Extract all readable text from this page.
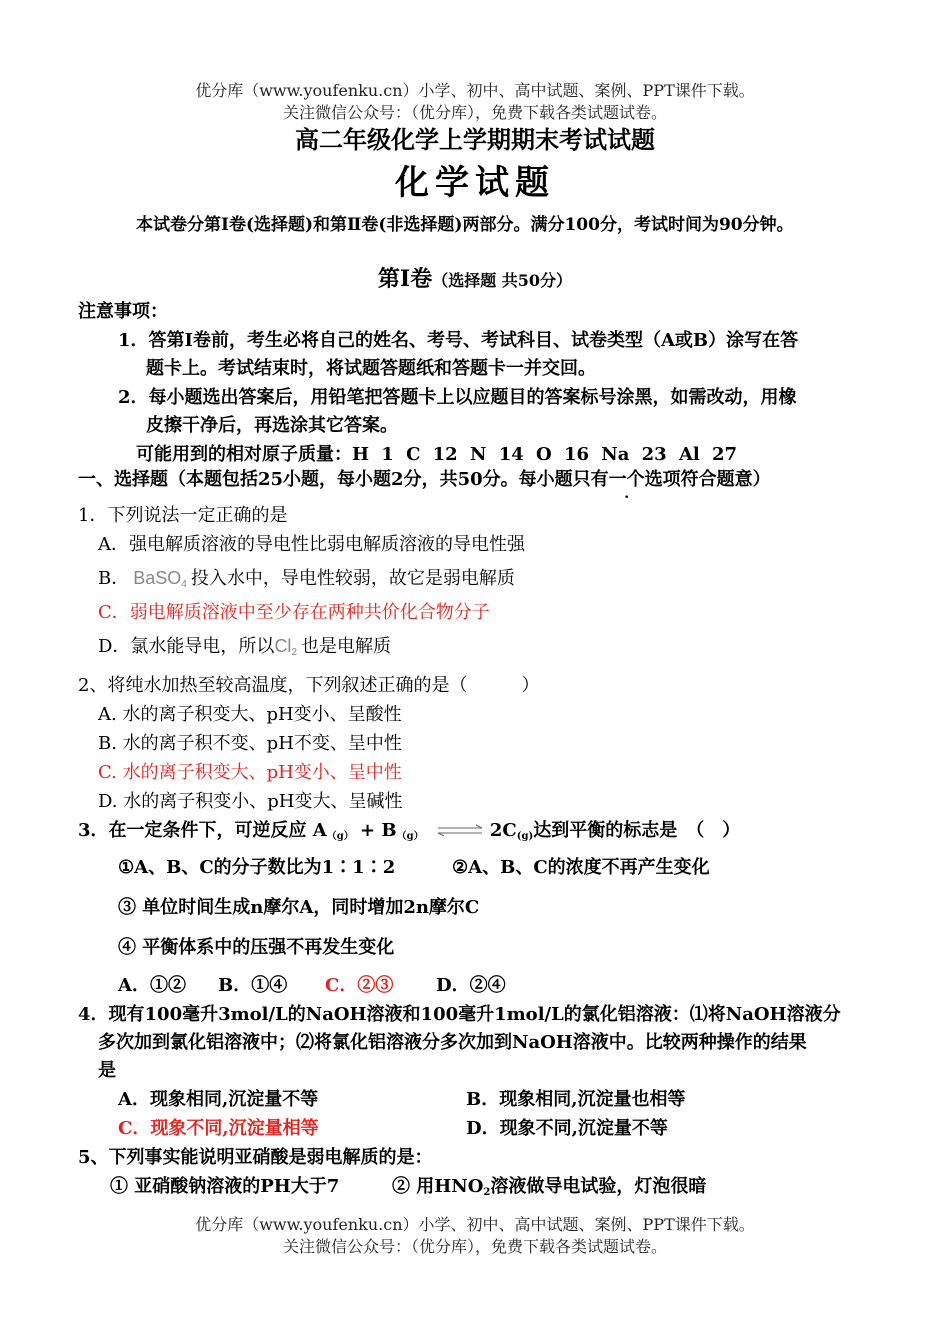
优分库（www.youfenku.cn）小学、初中、高中试题、案例、PPT课件下载。
关注微信公众号：（优分库），免费下载各类试题试卷。
高二年级化学上学期期末考试试题
化学试题
本试卷分第Ⅰ卷(选择题)和第Ⅱ卷(非选择题)两部分。满分100分，考试时间为90分钟。
第Ⅰ卷（选择题 共50分）
注意事项：
1．答第Ⅰ卷前，考生必将自己的姓名、考号、考试科目、试卷类型（A或B）涂写在答
题卡上。考试结束时，将试题答题纸和答题卡一并交回。
2．每小题选出答案后，用铅笔把答题卡上以应题目的答案标号涂黑，如需改动，用橡
皮擦干净后，再选涂其它答案。
可能用到的相对原子质量：H 1 C 12 N 14 O 16 Na 23 Al 27
一、选择题（本题包括25小题，每小题2分，共50分。每小题只有一个选项符合题意）
1．下列说法一定正确的是
A．强电解质溶液的导电性比弱电解质溶液的导电性强
B． BaSO4 投入水中，导电性较弱，故它是弱电解质
C．弱电解质溶液中至少存在两种共价化合物分子
D．氯水能导电，所以Cl2 也是电解质
2、将纯水加热至较高温度，下列叙述正确的是（　　　）
A. 水的离子积变大、pH变小、呈酸性
B. 水的离子积不变、pH不变、呈中性
C. 水的离子积变大、pH变小、呈中性
D. 水的离子积变小、pH变大、呈碱性
3．在一定条件下，可逆反应 A（g） + B（g） ⇌ 2C(g)达到平衡的标志是　（　）
①A、B、C的分子数比为1∶1∶2	②A、B、C的浓度不再产生变化
③ 单位时间生成n摩尔A，同时增加2n摩尔C
④ 平衡体系中的压强不再发生变化
A．①② B．①④ C．②③ D．②④
4．现有100毫升3mol/L的NaOH溶液和100毫升1mol/L的氯化铝溶液：⑴将NaOH溶液分
多次加到氯化铝溶液中；⑵将氯化铝溶液分多次加到NaOH溶液中。比较两种操作的结果
是
A．现象相同,沉淀量不等	B．现象相同,沉淀量也相等
C．现象不同,沉淀量相等	D．现象不同,沉淀量不等
5、下列事实能说明亚硝酸是弱电解质的是：
① 亚硝酸钠溶液的PH大于7	② 用HNO2溶液做导电试验，灯泡很暗
优分库（www.youfenku.cn）小学、初中、高中试题、案例、PPT课件下载。
关注微信公众号：（优分库），免费下载各类试题试卷。
